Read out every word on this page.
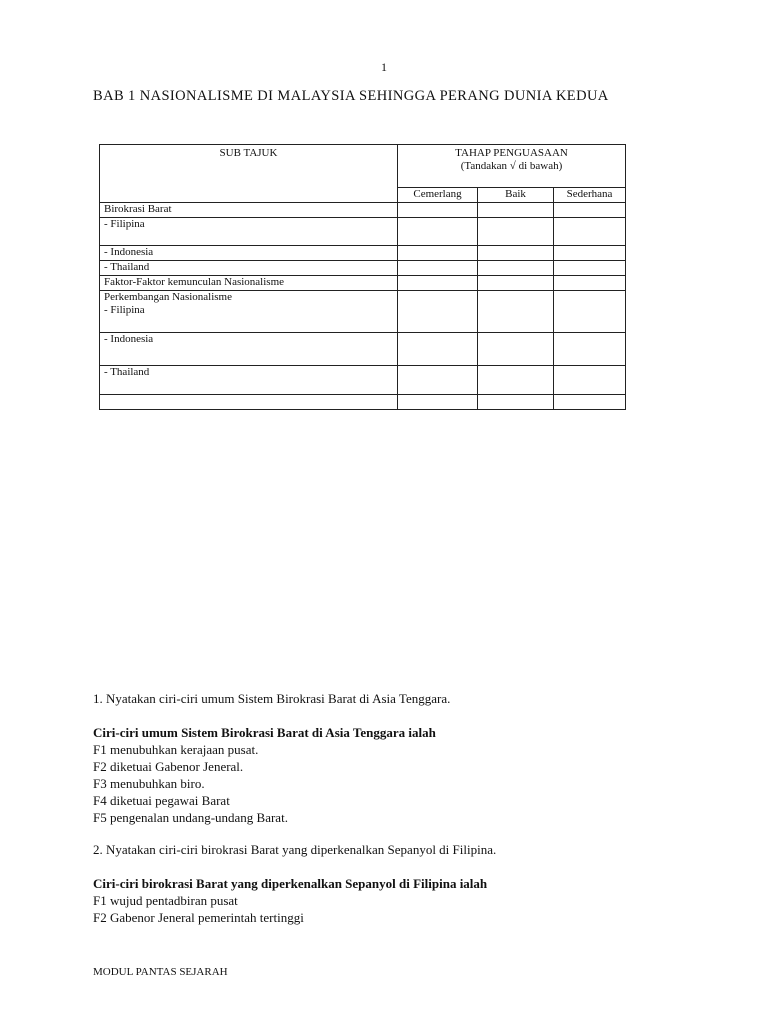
1
BAB 1 NASIONALISME DI MALAYSIA SEHINGGA PERANG DUNIA KEDUA
SUB TAJUK	TAHAP PENGUASAAN
(Tandakan √ di bawah)		

	Cemerlang	Baik	Sederhana
Birokrasi Barat			
- Filipina			
- Indonesia			
- Thailand			
Faktor-Faktor kemunculan Nasionalisme			

Perkembangan Nasionalisme
- Filipina			

- Indonesia			
- Thailand			

1. Nyatakan ciri-ciri umum Sistem Birokrasi Barat di Asia Tenggara.
Ciri-ciri umum Sistem Birokrasi Barat di Asia Tenggara ialah
F1 menubuhkan kerajaan pusat.
F2 diketuai Gabenor Jeneral.
F3 menubuhkan biro.
F4 diketuai pegawai Barat
F5 pengenalan undang-undang Barat.
2. Nyatakan ciri-ciri birokrasi Barat yang diperkenalkan Sepanyol di Filipina.
Ciri-ciri birokrasi Barat yang diperkenalkan Sepanyol di Filipina ialah
F1 wujud pentadbiran pusat
F2 Gabenor Jeneral pemerintah tertinggi
MODUL PANTAS SEJARAH
